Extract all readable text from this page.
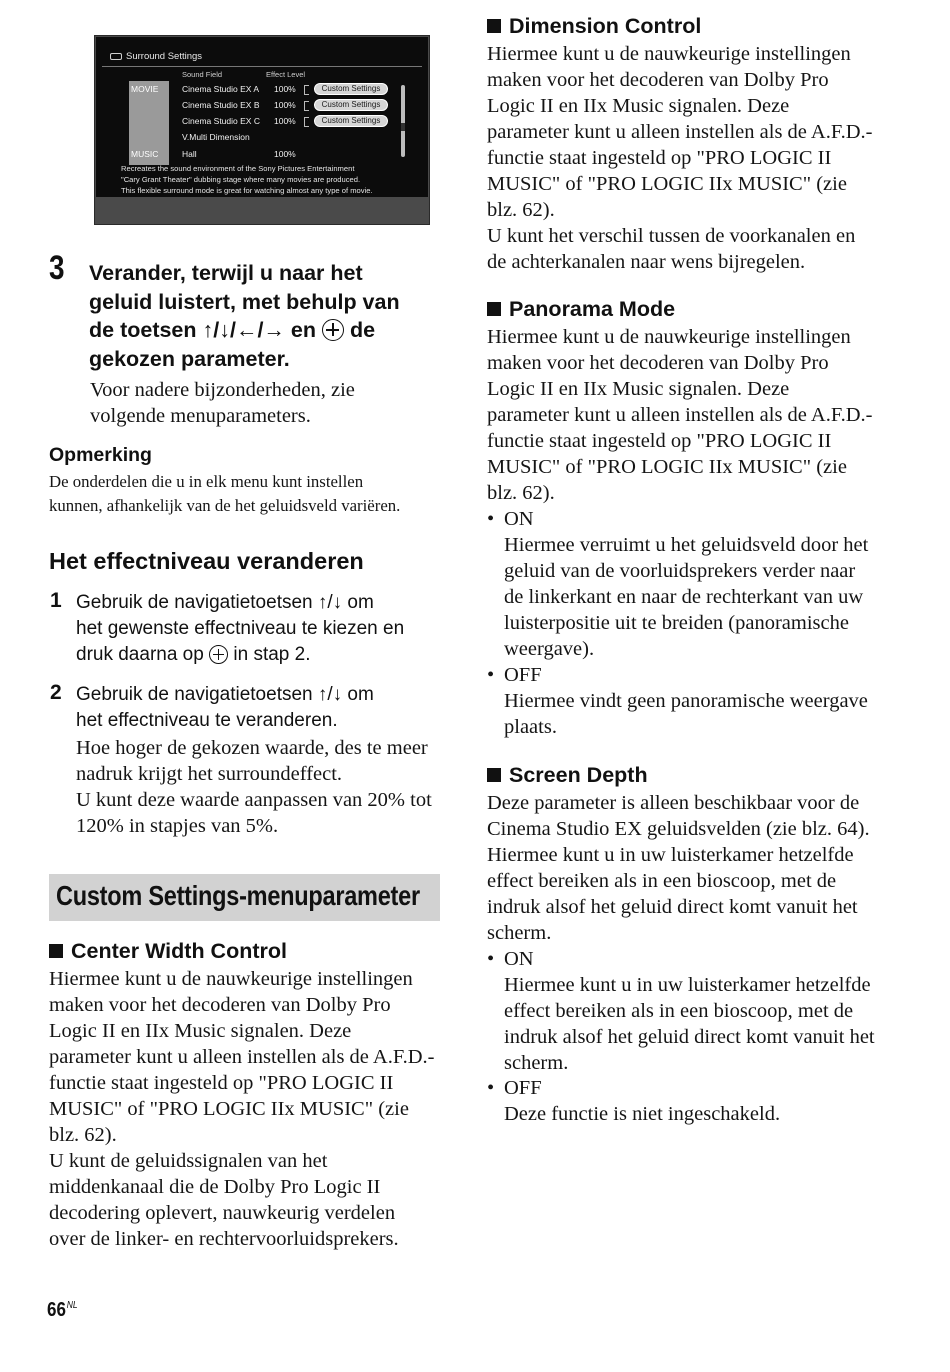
Surround Settings
Sound Field	Effect Level
MOVIE
MUSIC
Cinema Studio EX A 100%	Custom Settings
Cinema Studio EX B 100%	Custom Settings
Cinema Studio EX C 100%	Custom Settings
V.Multi Dimension
Hall	100%
Recreates the sound environment of the Sony Pictures Entertainment
"Cary Grant Theater" dubbing stage where many movies are produced.
This flexible surround mode is great for watching almost any type of movie.
3 Verander, terwijl u naar het
geluid luistert, met behulp van
de toetsen ↑/↓/←/→ en  de
gekozen parameter.
Voor nadere bijzonderheden, zie
volgende menuparameters.
Opmerking
De onderdelen die u in elk menu kunt instellen
kunnen, afhankelijk van de het geluidsveld variëren.
Het effectniveau veranderen
1 Gebruik de navigatietoetsen ↑/↓ om
het gewenste effectniveau te kiezen en
druk daarna op  in stap 2.
2 Gebruik de navigatietoetsen ↑/↓ om
het effectniveau te veranderen.
Hoe hoger de gekozen waarde, des te meer
nadruk krijgt het surroundeffect.
U kunt deze waarde aanpassen van 20% tot
120% in stapjes van 5%.
Custom Settings-menuparameter
Center Width Control
Hiermee kunt u de nauwkeurige instellingen
maken voor het decoderen van Dolby Pro
Logic II en IIx Music signalen. Deze
parameter kunt u alleen instellen als de A.F.D.-
functie staat ingesteld op "PRO LOGIC II
MUSIC" of "PRO LOGIC IIx MUSIC" (zie
blz. 62).
U kunt de geluidssignalen van het
middenkanaal die de Dolby Pro Logic II
decodering oplevert, nauwkeurig verdelen
over de linker- en rechtervoorluidsprekers.
Dimension Control
Hiermee kunt u de nauwkeurige instellingen
maken voor het decoderen van Dolby Pro
Logic II en IIx Music signalen. Deze
parameter kunt u alleen instellen als de A.F.D.-
functie staat ingesteld op "PRO LOGIC II
MUSIC" of "PRO LOGIC IIx MUSIC" (zie
blz. 62).
U kunt het verschil tussen de voorkanalen en
de achterkanalen naar wens bijregelen.
Panorama Mode
Hiermee kunt u de nauwkeurige instellingen
maken voor het decoderen van Dolby Pro
Logic II en IIx Music signalen. Deze
parameter kunt u alleen instellen als de A.F.D.-
functie staat ingesteld op "PRO LOGIC II
MUSIC" of "PRO LOGIC IIx MUSIC" (zie
blz. 62).
• ON
Hiermee verruimt u het geluidsveld door het
geluid van de voorluidsprekers verder naar
de linkerkant en naar de rechterkant van uw
luisterpositie uit te breiden (panoramische
weergave).
• OFF
Hiermee vindt geen panoramische weergave
plaats.
Screen Depth
Deze parameter is alleen beschikbaar voor de
Cinema Studio EX geluidsvelden (zie blz. 64).
Hiermee kunt u in uw luisterkamer hetzelfde
effect bereiken als in een bioscoop, met de
indruk alsof het geluid direct komt vanuit het
scherm.
• ON
Hiermee kunt u in uw luisterkamer hetzelfde
effect bereiken als in een bioscoop, met de
indruk alsof het geluid direct komt vanuit het
scherm.
• OFF
Deze functie is niet ingeschakeld.
$66^{NL}$
